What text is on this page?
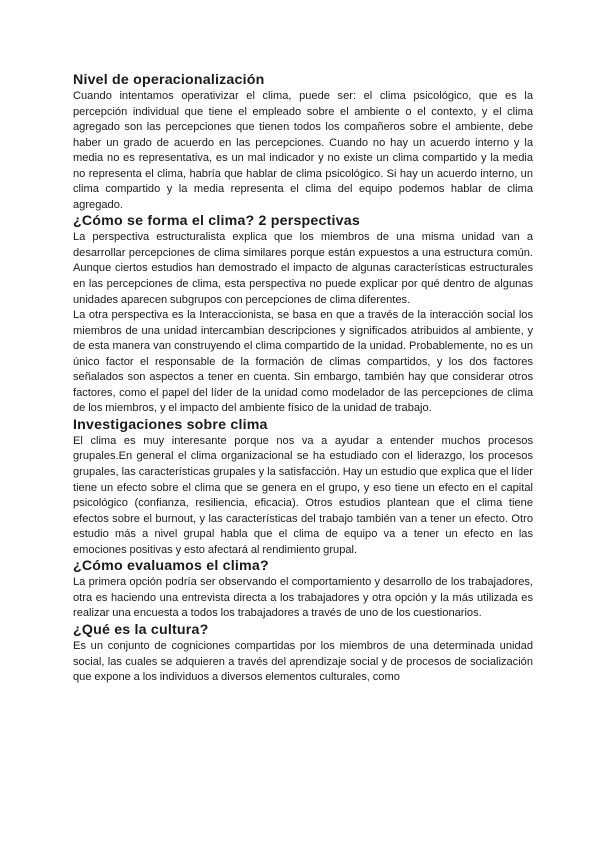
Nivel de operacionalización

Cuando intentamos operativizar el clima, puede ser: el clima psicológico, que es la percepción individual que tiene el empleado sobre el ambiente o el contexto, y el clima agregado son las percepciones que tienen todos los compañeros sobre el ambiente, debe haber un grado de acuerdo en las percepciones. Cuando no hay un acuerdo interno y la media no es representativa, es un mal indicador y no existe un clima compartido y la media no representa el clima, habría que hablar de clima psicológico. Si hay un acuerdo interno, un clima compartido y la media representa el clima del equipo podemos hablar de clima agregado.

¿Cómo se forma el clima? 2 perspectivas

La perspectiva estructuralista explica que los miembros de una misma unidad van a desarrollar percepciones de clima similares porque están expuestos a una estructura común. Aunque ciertos estudios han demostrado el impacto de algunas características estructurales en las percepciones de clima, esta perspectiva no puede explicar por qué dentro de algunas unidades aparecen subgrupos con percepciones de clima diferentes.

La otra perspectiva es la Interaccionista, se basa en que a través de la interacción social los miembros de una unidad intercambian descripciones y significados atribuidos al ambiente, y de esta manera van construyendo el clima compartido de la unidad. Probablemente, no es un único factor el responsable de la formación de climas compartidos, y los dos factores señalados son aspectos a tener en cuenta. Sin embargo, también hay que considerar otros factores, como el papel del líder de la unidad como modelador de las percepciones de clima de los miembros, y el impacto del ambiente físico de la unidad de trabajo.

Investigaciones sobre clima

El clima es muy interesante porque nos va a ayudar a entender muchos procesos grupales.En general el clima organizacional se ha estudiado con el liderazgo, los procesos grupales, las características grupales y la satisfacción. Hay un estudio que explica que el líder tiene un efecto sobre el clima que se genera en el grupo, y eso tiene un efecto en el capital psicológico (confianza, resiliencia, eficacia). Otros estudios plantean que el clima tiene efectos sobre el burnout, y las características del trabajo también van a tener un efecto. Otro estudio más a nivel grupal habla que el clima de equipo va a tener un efecto en las emociones positivas y esto afectará al rendimiento grupal.

¿Cómo evaluamos el clima?

La primera opción podría ser observando el comportamiento y desarrollo de los trabajadores, otra es haciendo una entrevista directa a los trabajadores y otra opción y la más utilizada es realizar una encuesta a todos los trabajadores a través de uno de los cuestionarios.

¿Qué es la cultura?

Es un conjunto de cogniciones compartidas por los miembros de una determinada unidad social, las cuales se adquieren a través del aprendizaje social y de procesos de socialización que expone a los individuos a diversos elementos culturales, como
